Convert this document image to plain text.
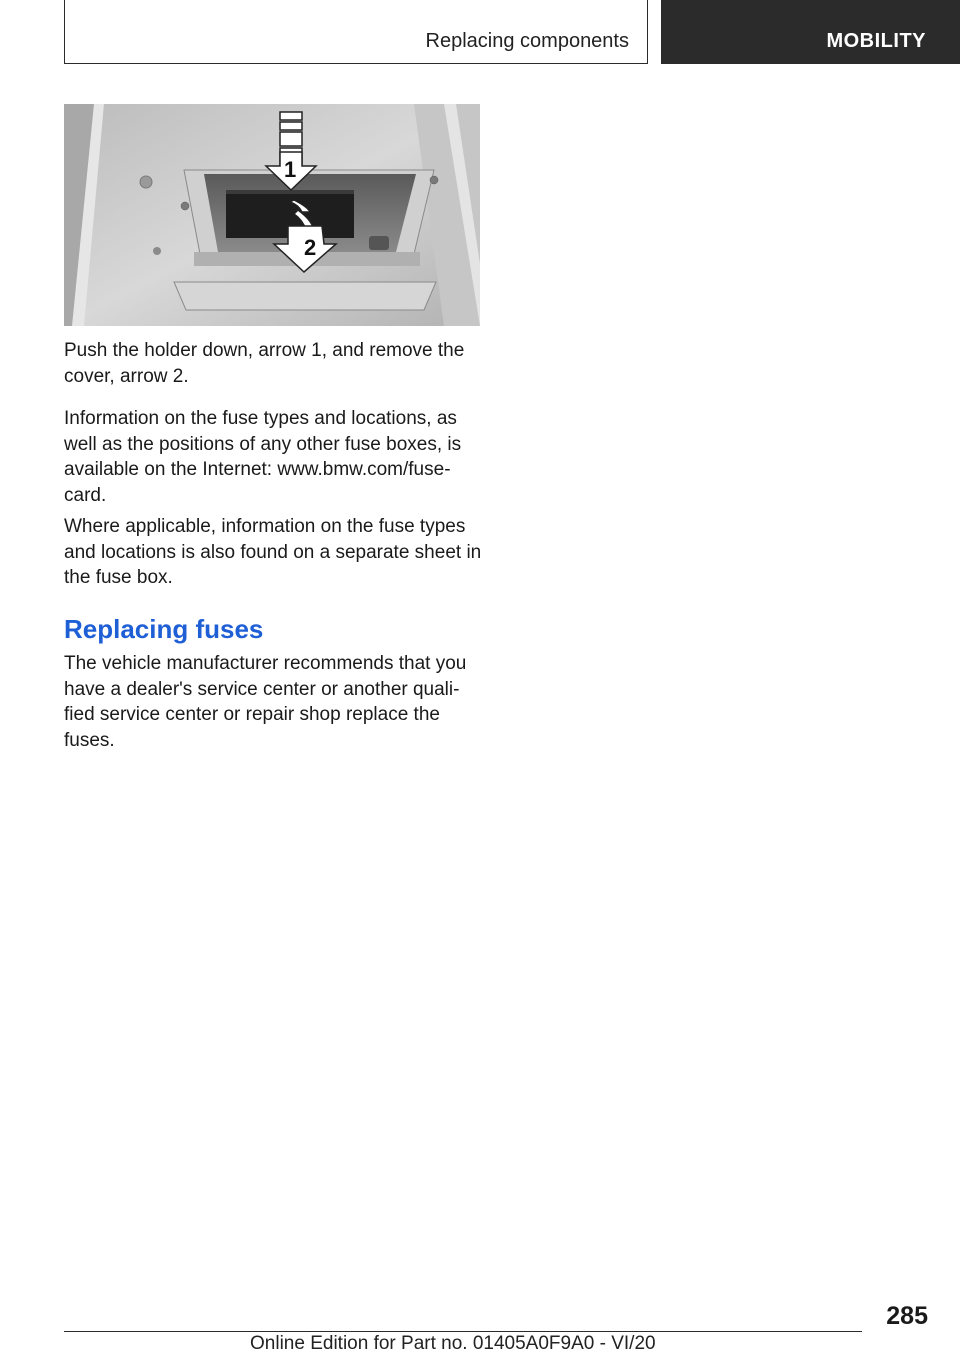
Replacing components	MOBILITY
1
2

Push the holder down, arrow 1, and remove the cover, arrow 2.

Information on the fuse types and locations, as well as the positions of any other fuse boxes, is available on the Internet: www.bmw.com/fuse-card.

Where applicable, information on the fuse types and locations is also found on a separate sheet in the fuse box.

Replacing fuses

The vehicle manufacturer recommends that you have a dealer's service center or another quali-fied service center or repair shop replace the fuses.

285
Online Edition for Part no. 01405A0F9A0 - VI/20
